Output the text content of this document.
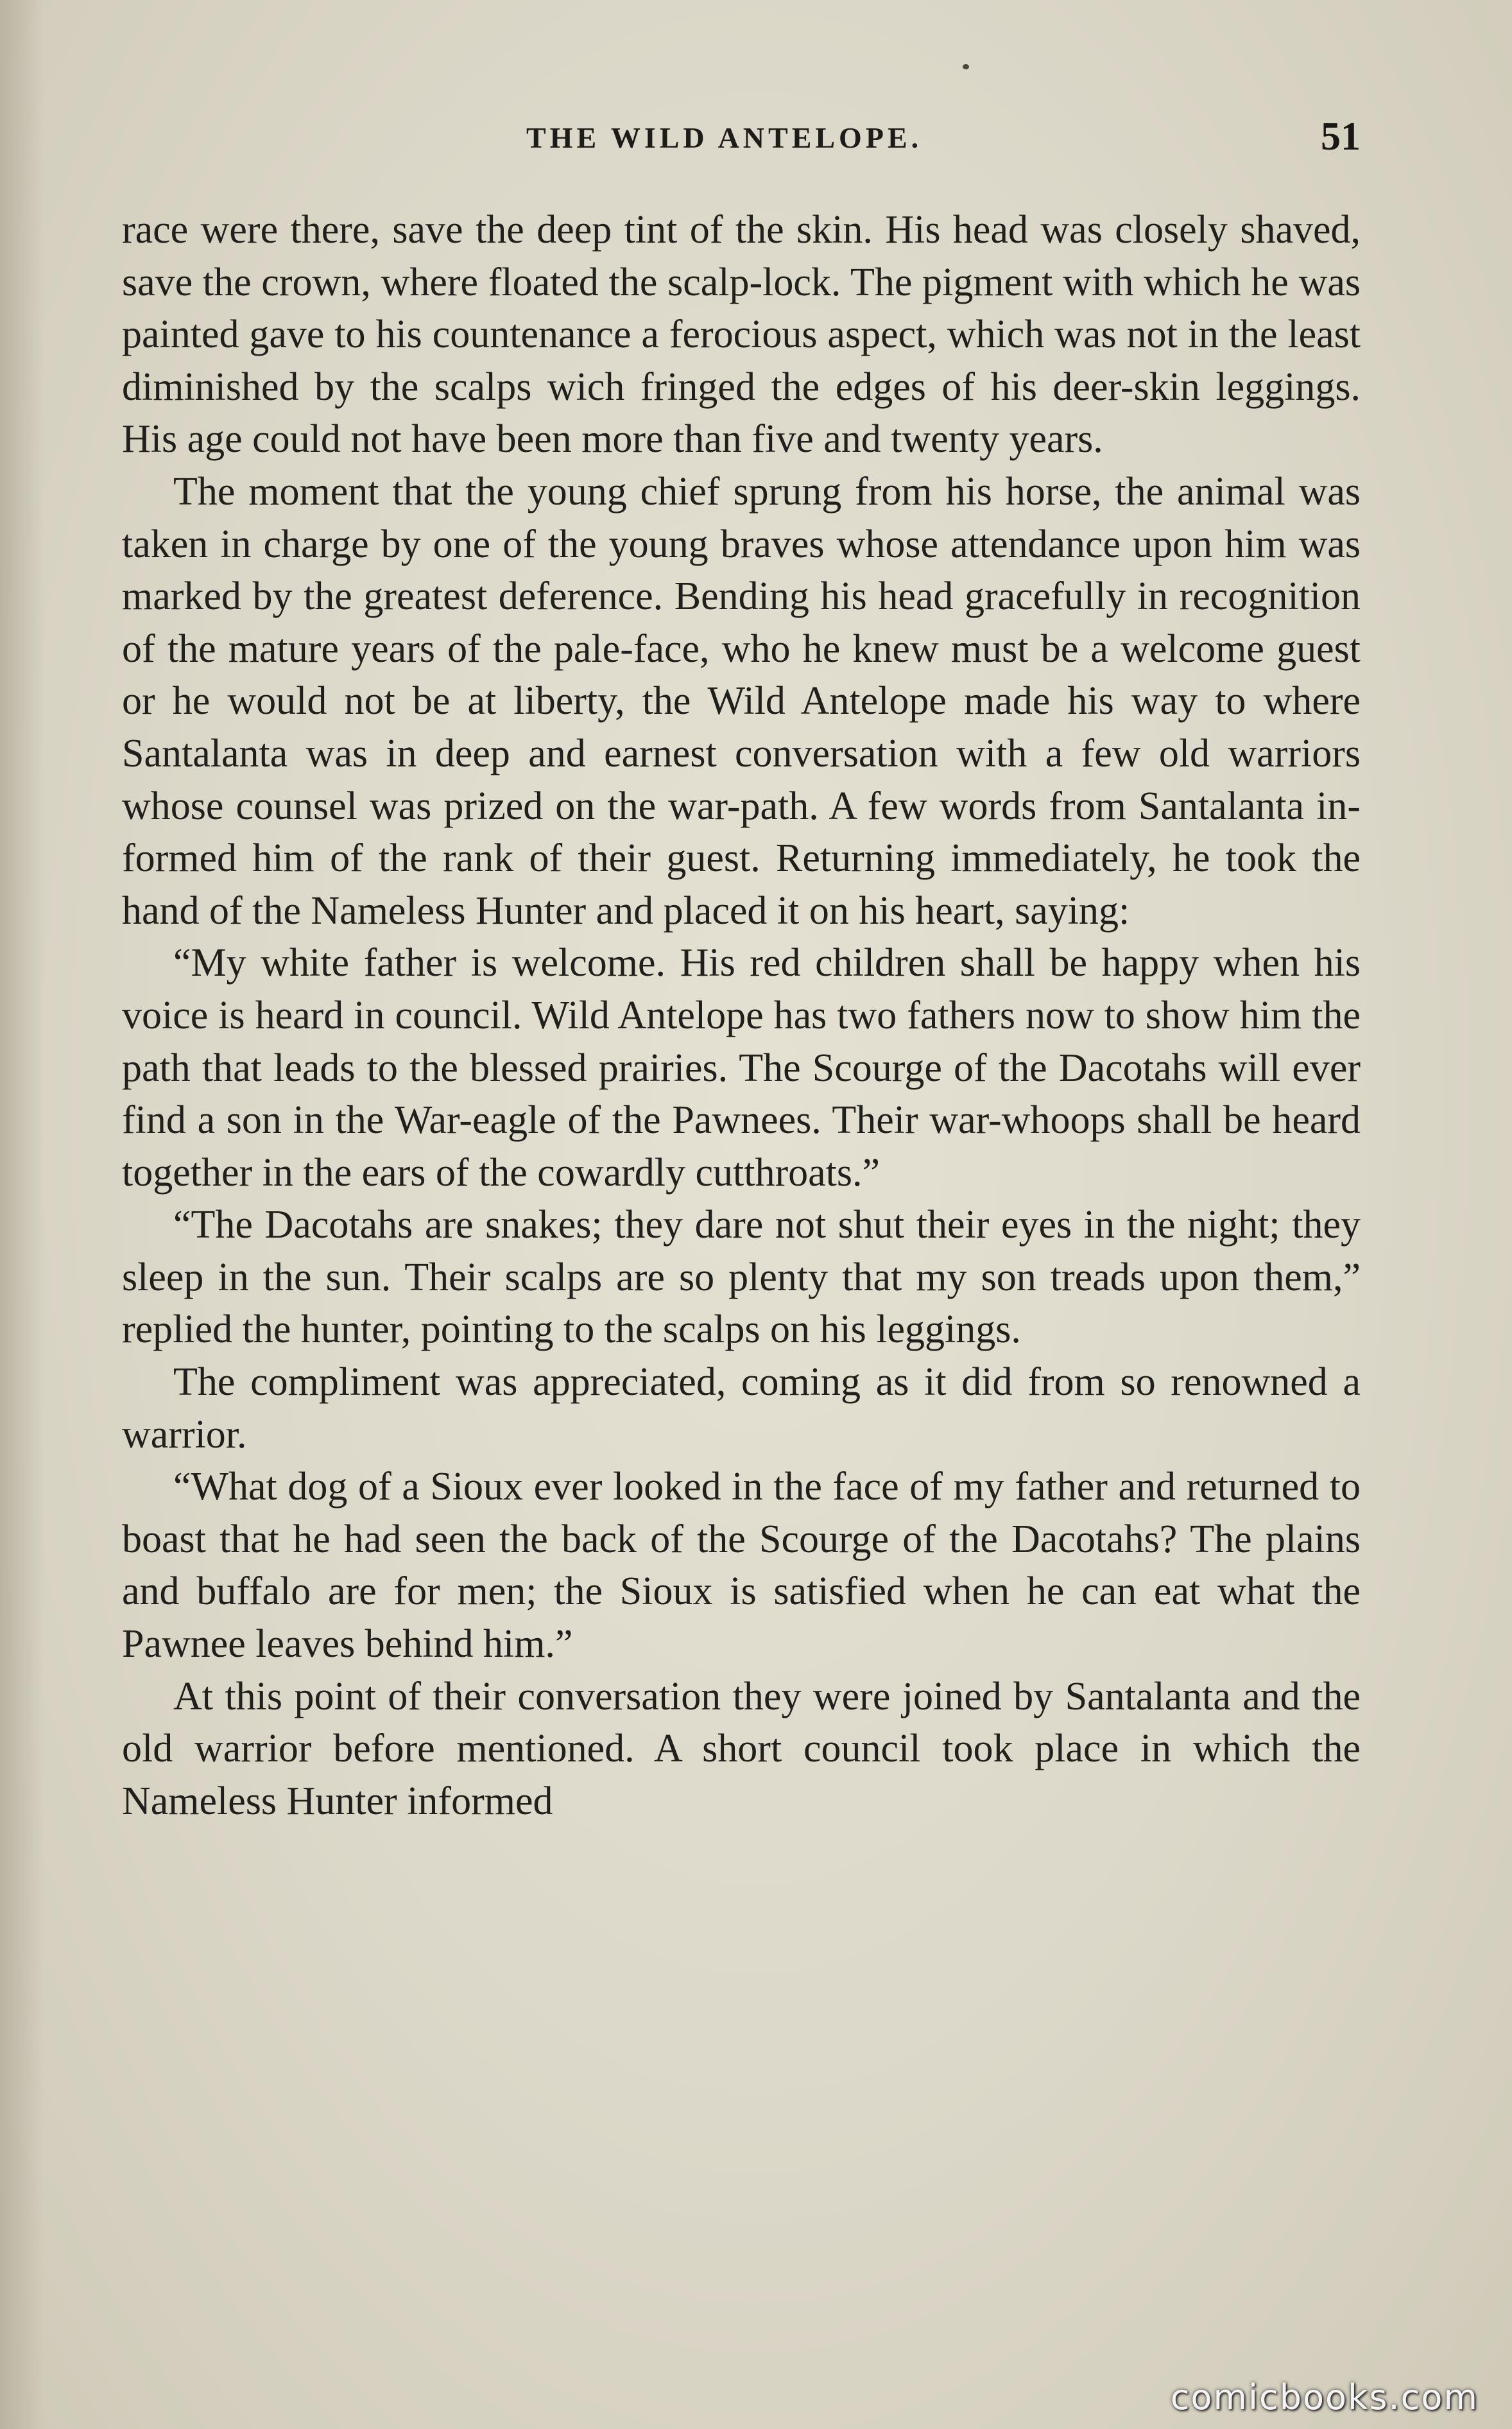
THE WILD ANTELOPE.	51

race were there, save the deep tint of the skin. His head was closely shaved, save the crown, where floated the scalp-lock. The pigment with which he was painted gave to his countenance a ferocious aspect, which was not in the least diminished by the scalps wich fringed the edges of his deer-skin leggings. His age could not have been more than five and twenty years.

The moment that the young chief sprung from his horse, the animal was taken in charge by one of the young braves whose attendance upon him was marked by the greatest deference. Bending his head gracefully in recognition of the mature years of the pale-face, who he knew must be a welcome guest or he would not be at liberty, the Wild Antelope made his way to where Santalanta was in deep and earnest conversation with a few old warriors whose counsel was prized on the war-path. A few words from Santalanta informed him of the rank of their guest. Returning immediately, he took the hand of the Nameless Hunter and placed it on his heart, saying:

“My white father is welcome. His red children shall be happy when his voice is heard in council. Wild Antelope has two fathers now to show him the path that leads to the blessed prairies. The Scourge of the Dacotahs will ever find a son in the War-eagle of the Pawnees. Their war-whoops shall be heard together in the ears of the cowardly cutthroats.”

“The Dacotahs are snakes; they dare not shut their eyes in the night; they sleep in the sun. Their scalps are so plenty that my son treads upon them,” replied the hunter, pointing to the scalps on his leggings.

The compliment was appreciated, coming as it did from so renowned a warrior.

“What dog of a Sioux ever looked in the face of my father and returned to boast that he had seen the back of the Scourge of the Dacotahs? The plains and buffalo are for men; the Sioux is satisfied when he can eat what the Pawnee leaves behind him.”

At this point of their conversation they were joined by Santalanta and the old warrior before mentioned. A short council took place in which the Nameless Hunter informed

comicbooks.com
